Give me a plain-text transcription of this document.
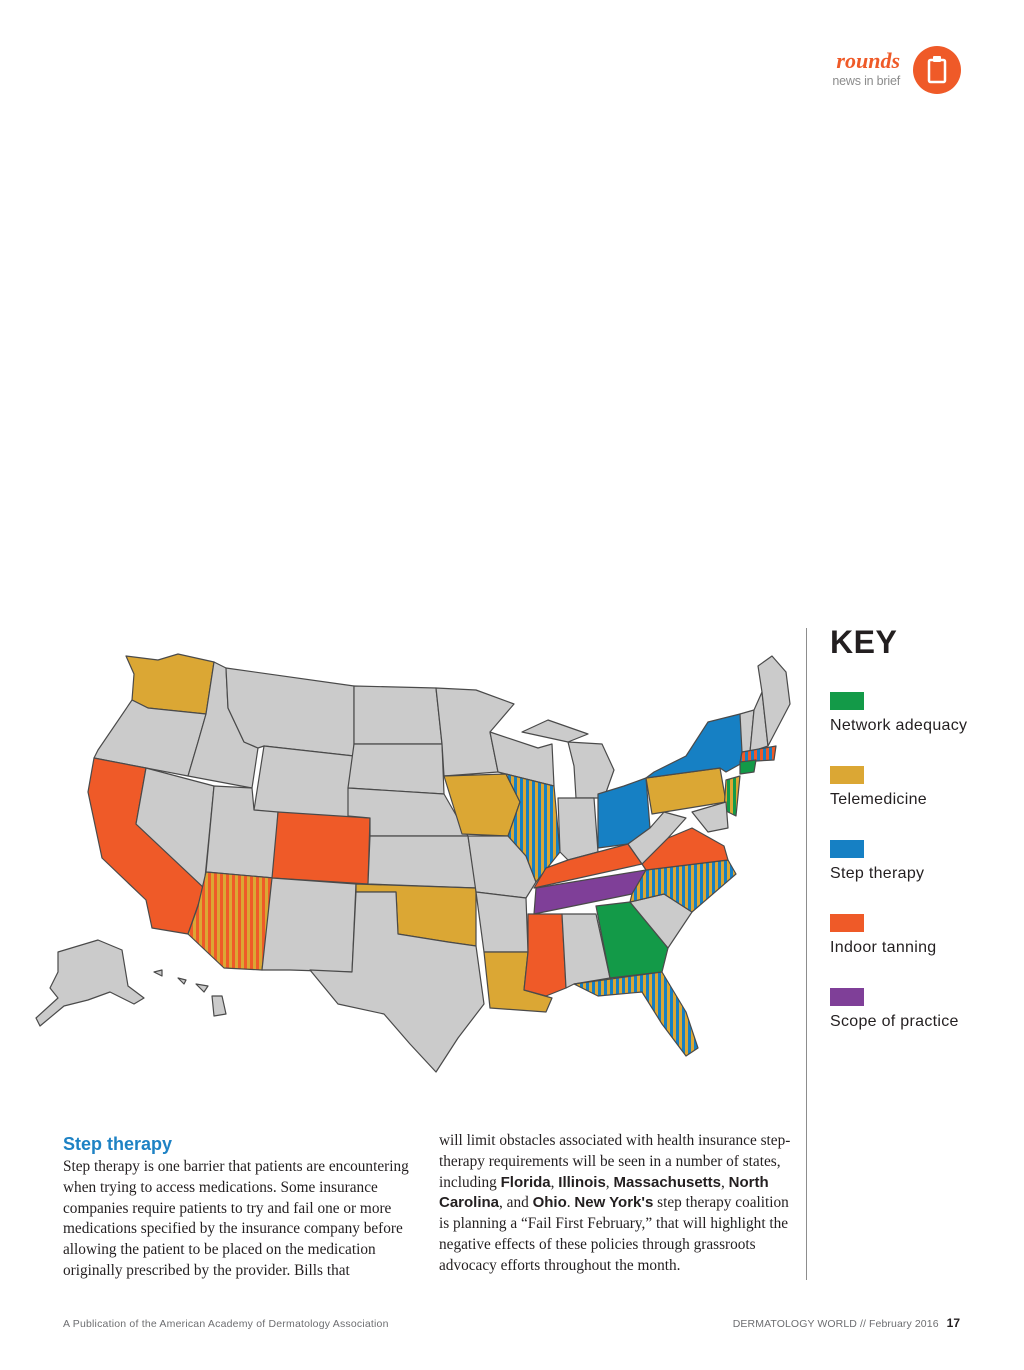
rounds
news in brief
KEY
Network adequacy
Telemedicine
Step therapy
Indoor tanning
Scope of practice
Step therapy

Step therapy is one barrier that patients are encountering when trying to access medications. Some insurance companies require patients to try and fail one or more medications specified by the insurance company before allowing the patient to be placed on the medication originally prescribed by the provider. Bills that

will limit obstacles associated with health insurance step-therapy requirements will be seen in a number of states, including Florida, Illinois, Massachusetts, North Carolina, and Ohio. New York's step therapy coalition is planning a “Fail First February,” that will highlight the negative effects of these policies through grassroots advocacy efforts throughout the month.

A Publication of the American Academy of Dermatology Association	DERMATOLOGY WORLD // February 2016 17
